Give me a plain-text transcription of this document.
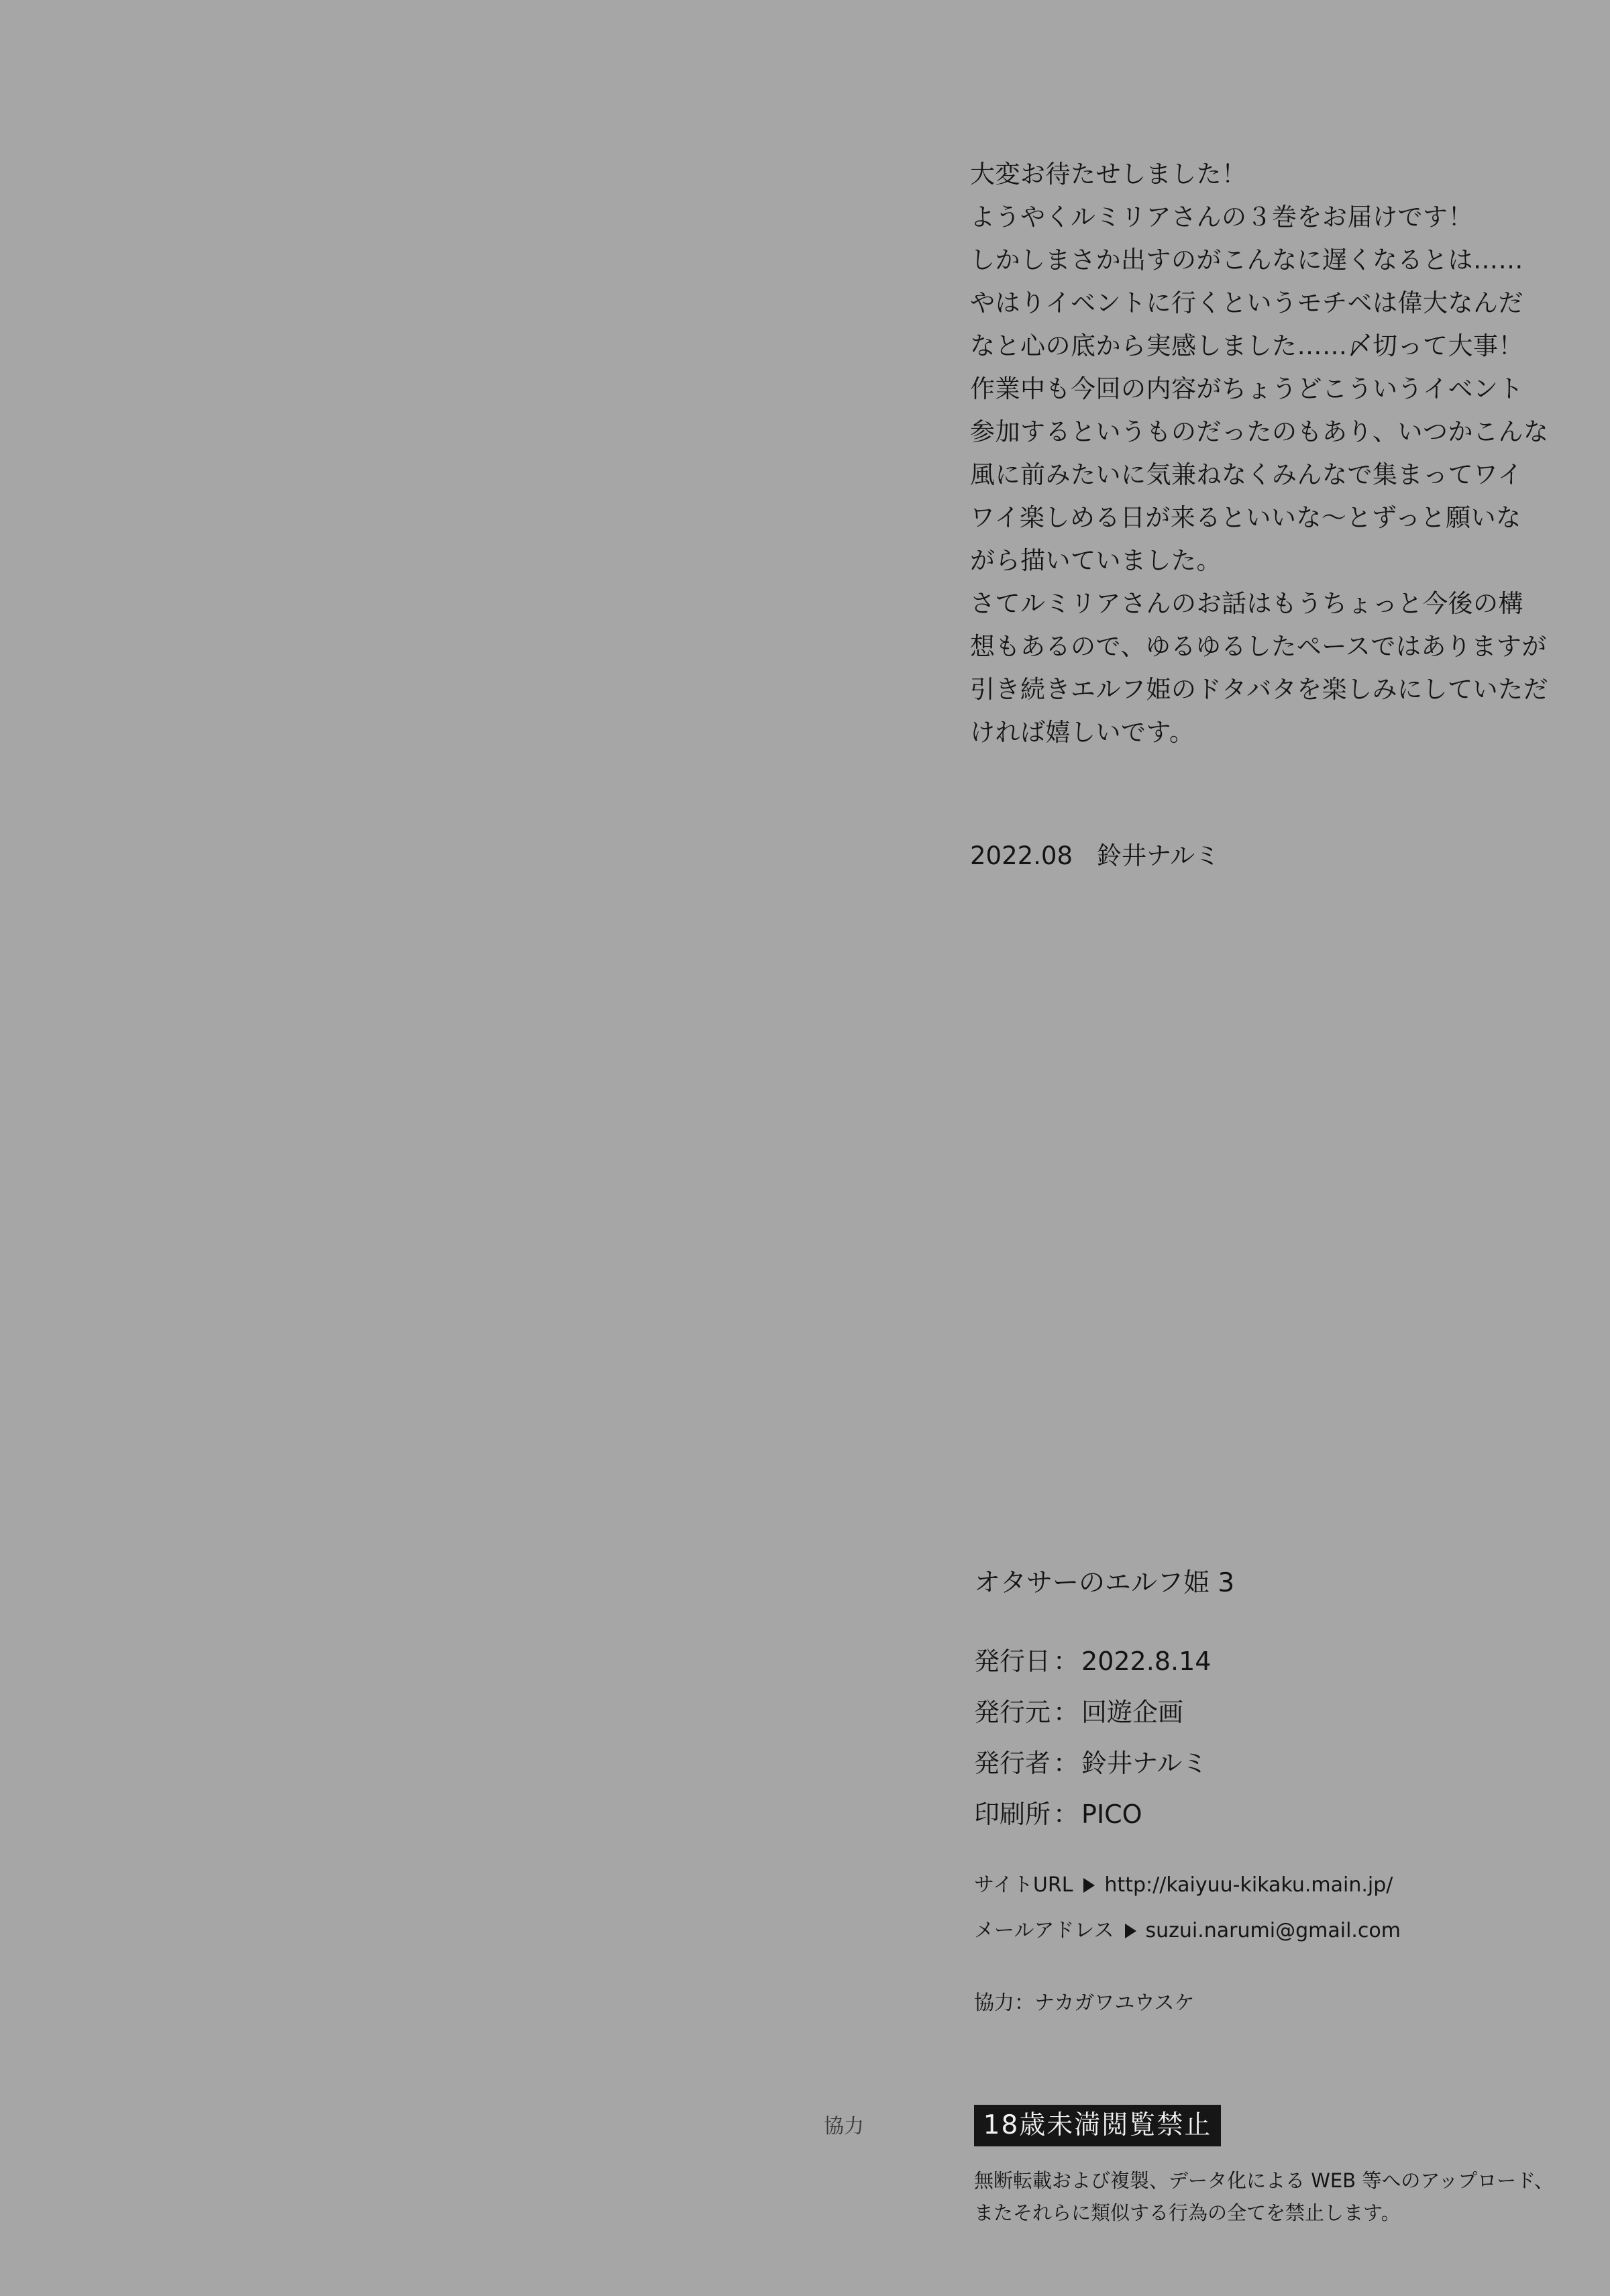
大変お待たせしました！
ようやくルミリアさんの３巻をお届けです！
しかしまさか出すのがこんなに遅くなるとは……
やはりイベントに行くというモチベは偉大なんだ
なと心の底から実感しました……〆切って大事！
作業中も今回の内容がちょうどこういうイベント
参加するというものだったのもあり、いつかこんな
風に前みたいに気兼ねなくみんなで集まってワイ
ワイ楽しめる日が来るといいな～とずっと願いな
がら描いていました。
さてルミリアさんのお話はもうちょっと今後の構
想もあるので、ゆるゆるしたペースではありますが
引き続きエルフ姫のドタバタを楽しみにしていただ
ければ嬉しいです。
2022.08 鈴井ナルミ
オタサーのエルフ姫 3
発行日 ： 2022.8.14
発行元 ： 回遊企画
発行者 ： 鈴井ナルミ
印刷所 ： PICO
サイトURL http://kaiyuu-kikaku.main.jp/
メールアドレス suzui.narumi@gmail.com
協力：ナカガワユウスケ
協力	18歳未満閲覧禁止
無断転載および複製、データ化による WEB 等へのアップロード、
またそれらに類似する行為の全てを禁止します。
